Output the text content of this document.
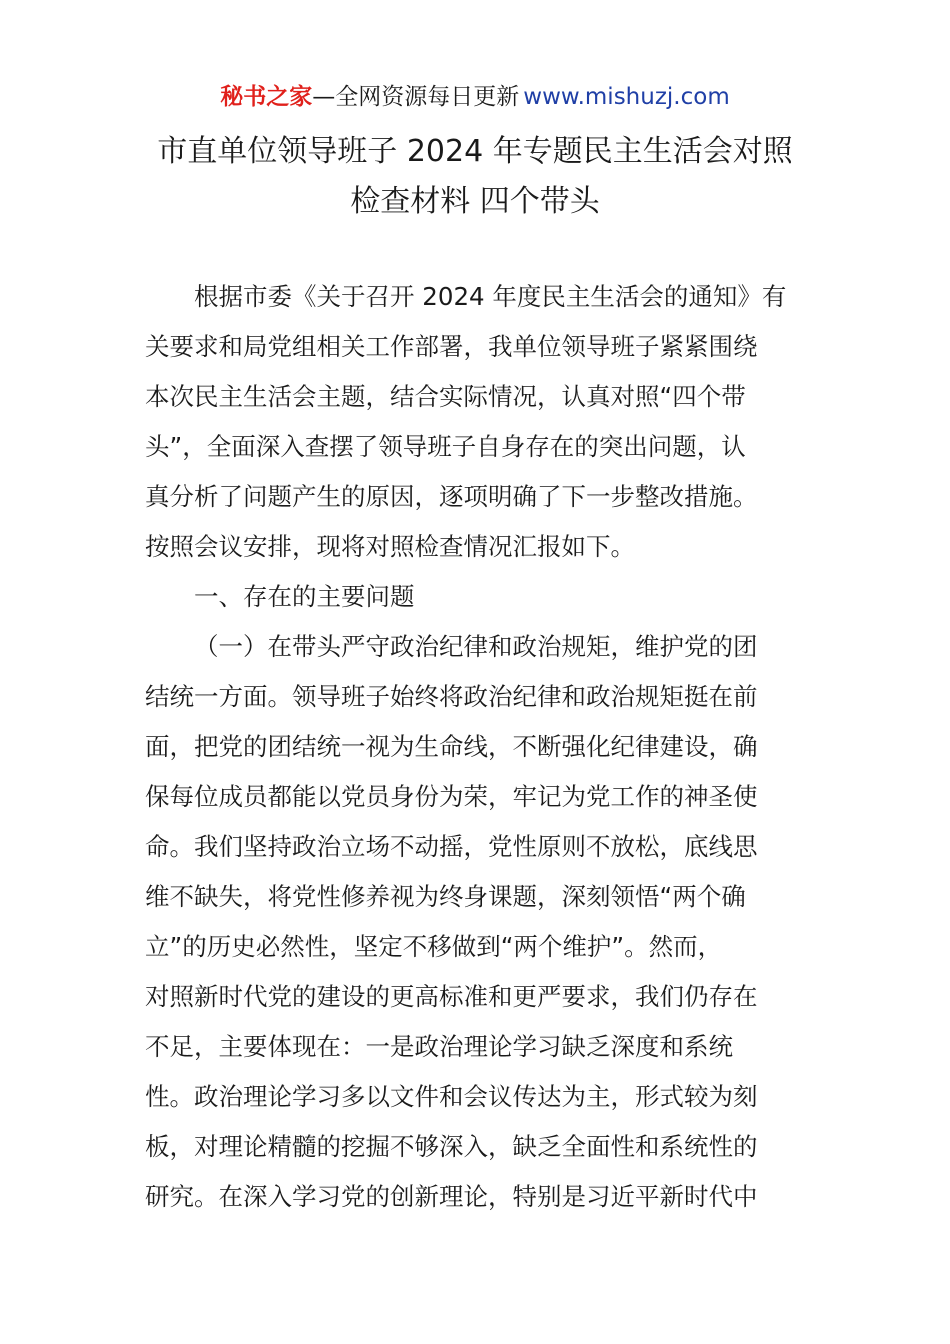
秘书之家—全网资源每日更新 www.mishuzj.com
市直单位领导班子 2024 年专题民主生活会对照
检查材料 四个带头
根据市委《关于召开 2024 年度民主生活会的通知》有
关要求和局党组相关工作部署，我单位领导班子紧紧围绕
本次民主生活会主题，结合实际情况，认真对照“四个带
头”，全面深入查摆了领导班子自身存在的突出问题，认
真分析了问题产生的原因，逐项明确了下一步整改措施。
按照会议安排，现将对照检查情况汇报如下。
一、存在的主要问题
（一）在带头严守政治纪律和政治规矩，维护党的团
结统一方面。领导班子始终将政治纪律和政治规矩挺在前
面，把党的团结统一视为生命线，不断强化纪律建设，确
保每位成员都能以党员身份为荣，牢记为党工作的神圣使
命。我们坚持政治立场不动摇，党性原则不放松，底线思
维不缺失，将党性修养视为终身课题，深刻领悟“两个确
立”的历史必然性，坚定不移做到“两个维护”。然而，
对照新时代党的建设的更高标准和更严要求，我们仍存在
不足，主要体现在：一是政治理论学习缺乏深度和系统
性。政治理论学习多以文件和会议传达为主，形式较为刻
板，对理论精髓的挖掘不够深入，缺乏全面性和系统性的
研究。在深入学习党的创新理论，特别是习近平新时代中
